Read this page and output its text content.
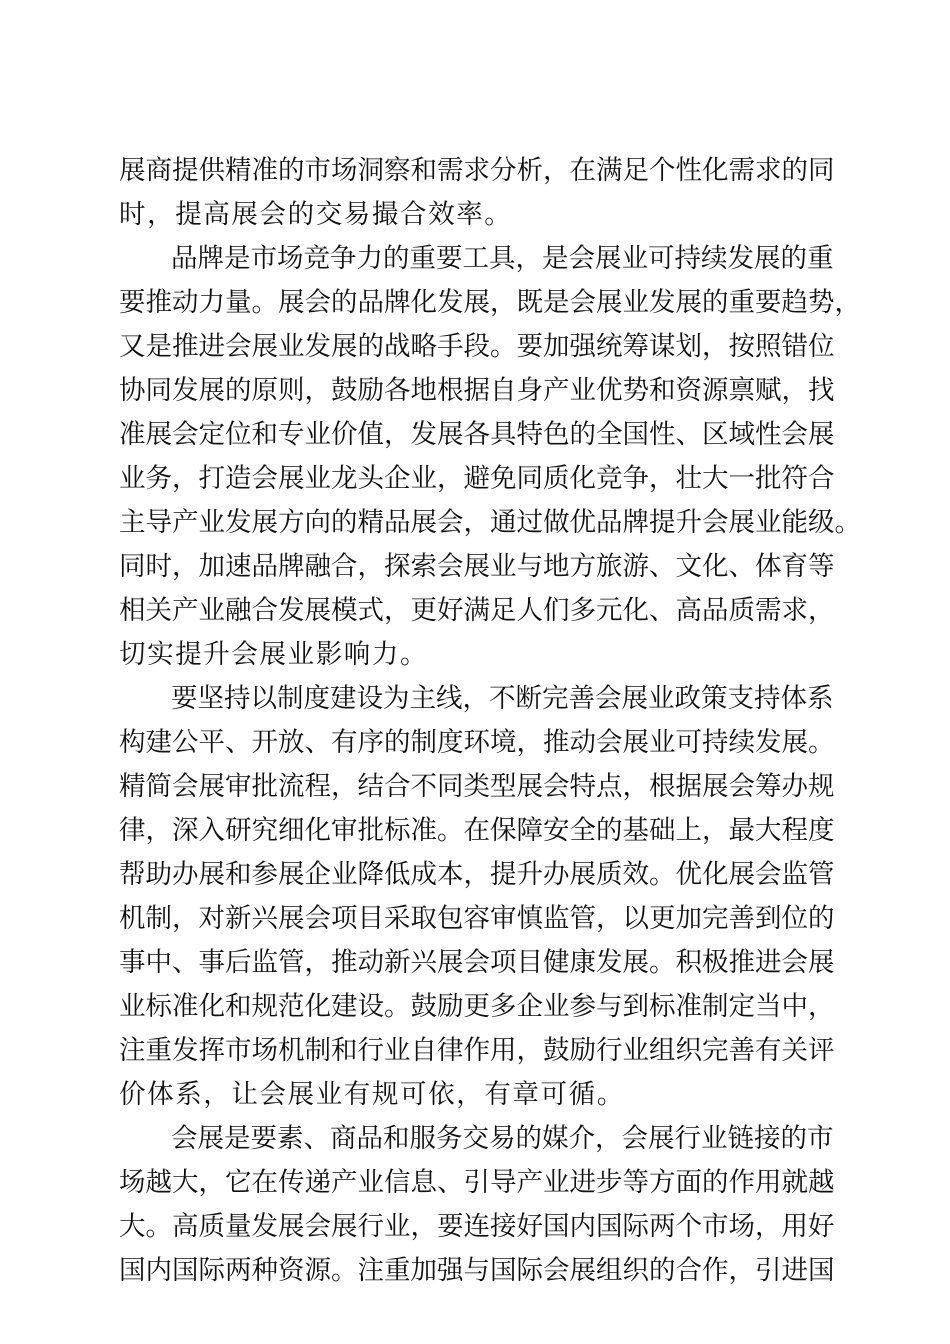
展商提供精准的市场洞察和需求分析，在满足个性化需求的同
时，提高展会的交易撮合效率。
品牌是市场竞争力的重要工具，是会展业可持续发展的重
要推动力量。展会的品牌化发展，既是会展业发展的重要趋势，
又是推进会展业发展的战略手段。要加强统筹谋划，按照错位
协同发展的原则，鼓励各地根据自身产业优势和资源禀赋，找
准展会定位和专业价值，发展各具特色的全国性、区域性会展
业务，打造会展业龙头企业，避免同质化竞争，壮大一批符合
主导产业发展方向的精品展会，通过做优品牌提升会展业能级。
同时，加速品牌融合，探索会展业与地方旅游、文化、体育等
相关产业融合发展模式，更好满足人们多元化、高品质需求，
切实提升会展业影响力。
要坚持以制度建设为主线，不断完善会展业政策支持体系
构建公平、开放、有序的制度环境，推动会展业可持续发展。
精简会展审批流程，结合不同类型展会特点，根据展会筹办规
律，深入研究细化审批标准。在保障安全的基础上，最大程度
帮助办展和参展企业降低成本，提升办展质效。优化展会监管
机制，对新兴展会项目采取包容审慎监管，以更加完善到位的
事中、事后监管，推动新兴展会项目健康发展。积极推进会展
业标准化和规范化建设。鼓励更多企业参与到标准制定当中，
注重发挥市场机制和行业自律作用，鼓励行业组织完善有关评
价体系，让会展业有规可依，有章可循。
会展是要素、商品和服务交易的媒介，会展行业链接的市
场越大，它在传递产业信息、引导产业进步等方面的作用就越
大。高质量发展会展行业，要连接好国内国际两个市场，用好
国内国际两种资源。注重加强与国际会展组织的合作，引进国
